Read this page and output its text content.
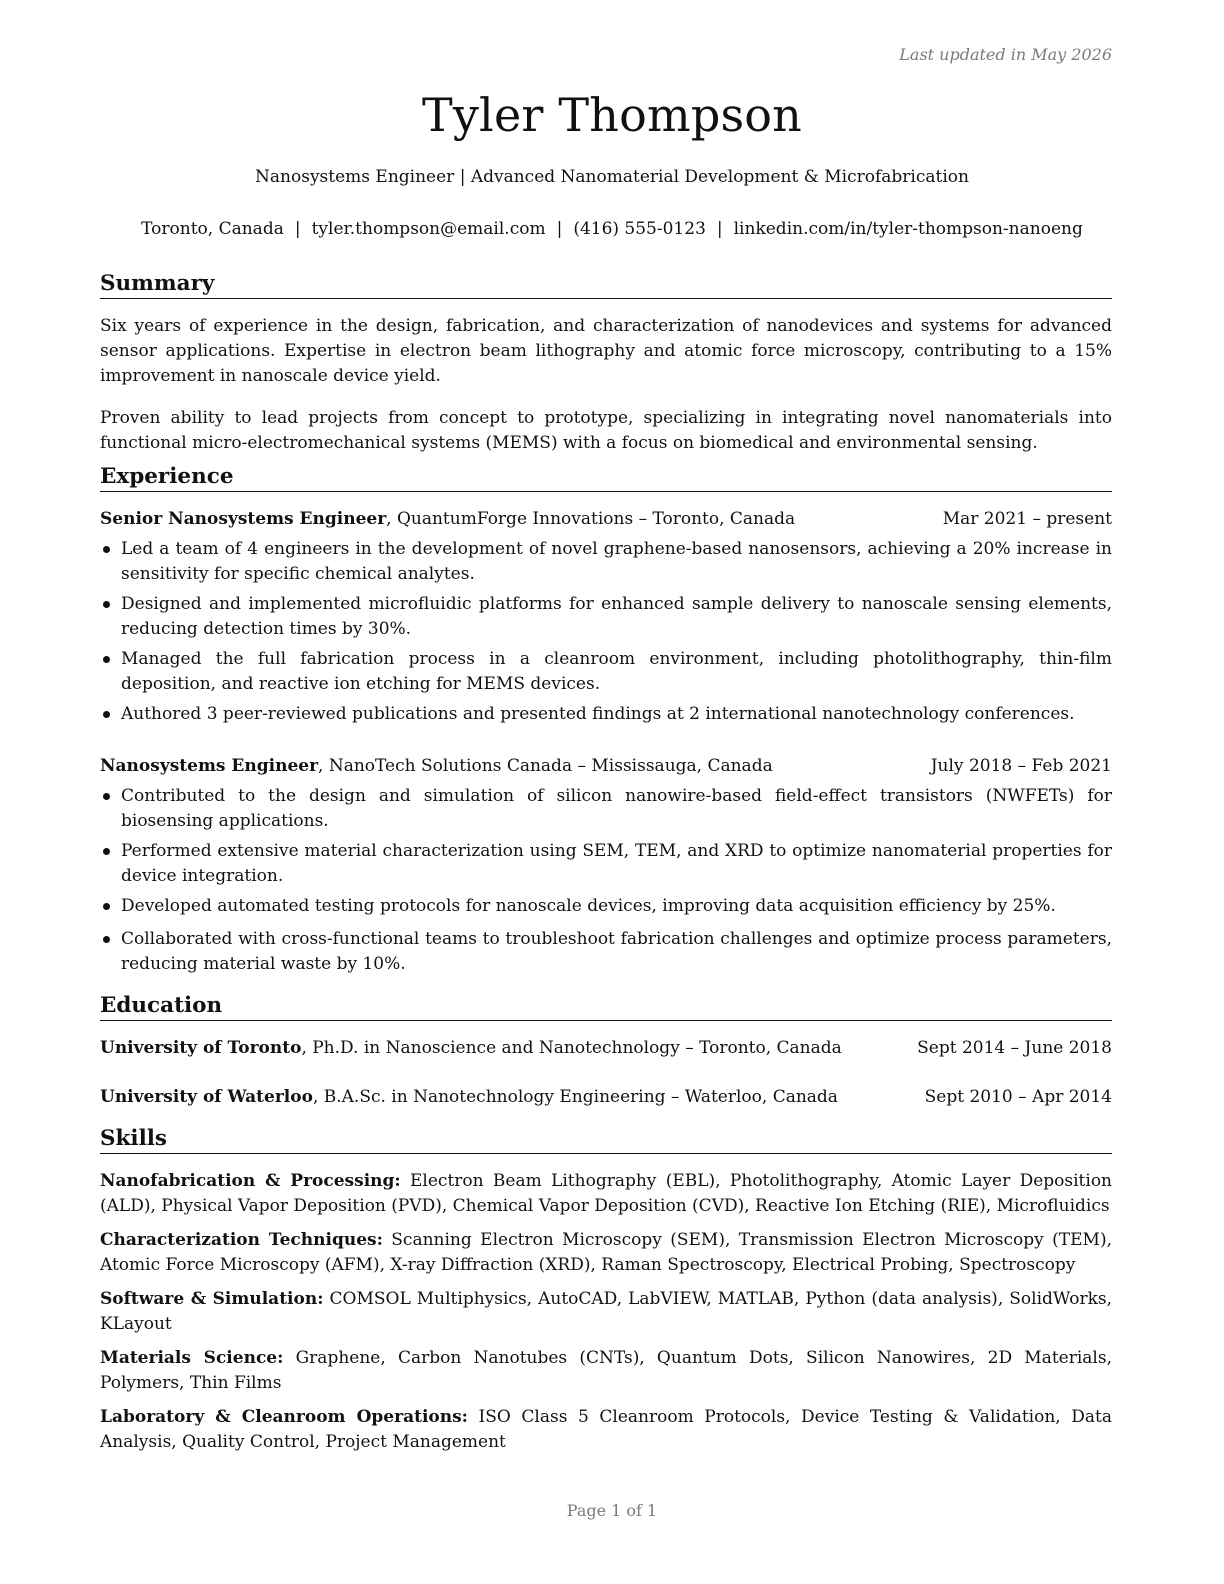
Last updated in May 2026
Tyler Thompson
Nanosystems Engineer | Advanced Nanomaterial Development & Microfabrication
Toronto, Canada | tyler.thompson@email.com | (416) 555-0123 | linkedin.com/in/tyler-thompson-nanoeng
Summary

Six years of experience in the design, fabrication, and characterization of nanodevices and systems for advanced sensor applications. Expertise in electron beam lithography and atomic force microscopy, contributing to a 15% improvement in nanoscale device yield.

Proven ability to lead projects from concept to prototype, specializing in integrating novel nanomaterials into functional micro-electromechanical systems (MEMS) with a focus on biomedical and environmental sensing.

Experience
Senior Nanosystems Engineer, QuantumForge Innovations – Toronto, Canada	Mar 2021 – present
Led a team of 4 engineers in the development of novel graphene-based nanosensors, achieving a 20% increase in sensitivity for specific chemical analytes.
Designed and implemented microfluidic platforms for enhanced sample delivery to nanoscale sensing elements, reducing detection times by 30%.
Managed the full fabrication process in a cleanroom environment, including photolithography, thin-film deposition, and reactive ion etching for MEMS devices.
Authored 3 peer-reviewed publications and presented findings at 2 international nanotechnology conferences.
Nanosystems Engineer, NanoTech Solutions Canada – Mississauga, Canada	July 2018 – Feb 2021
Contributed to the design and simulation of silicon nanowire-based field-effect transistors (NWFETs) for biosensing applications.
Performed extensive material characterization using SEM, TEM, and XRD to optimize nanomaterial properties for device integration.
Developed automated testing protocols for nanoscale devices, improving data acquisition efficiency by 25%.
Collaborated with cross-functional teams to troubleshoot fabrication challenges and optimize process parameters, reducing material waste by 10%.
Education
University of Toronto, Ph.D. in Nanoscience and Nanotechnology – Toronto, Canada	Sept 2014 – June 2018
University of Waterloo, B.A.Sc. in Nanotechnology Engineering – Waterloo, Canada	Sept 2010 – Apr 2014
Skills
Nanofabrication & Processing: Electron Beam Lithography (EBL), Photolithography, Atomic Layer Deposition (ALD), Physical Vapor Deposition (PVD), Chemical Vapor Deposition (CVD), Reactive Ion Etching (RIE), Microfluidics
Characterization Techniques: Scanning Electron Microscopy (SEM), Transmission Electron Microscopy (TEM), Atomic Force Microscopy (AFM), X-ray Diffraction (XRD), Raman Spectroscopy, Electrical Probing, Spectroscopy
Software & Simulation: COMSOL Multiphysics, AutoCAD, LabVIEW, MATLAB, Python (data analysis), SolidWorks, KLayout
Materials Science: Graphene, Carbon Nanotubes (CNTs), Quantum Dots, Silicon Nanowires, 2D Materials, Polymers, Thin Films
Laboratory & Cleanroom Operations: ISO Class 5 Cleanroom Protocols, Device Testing & Validation, Data Analysis, Quality Control, Project Management
Page 1 of 1
